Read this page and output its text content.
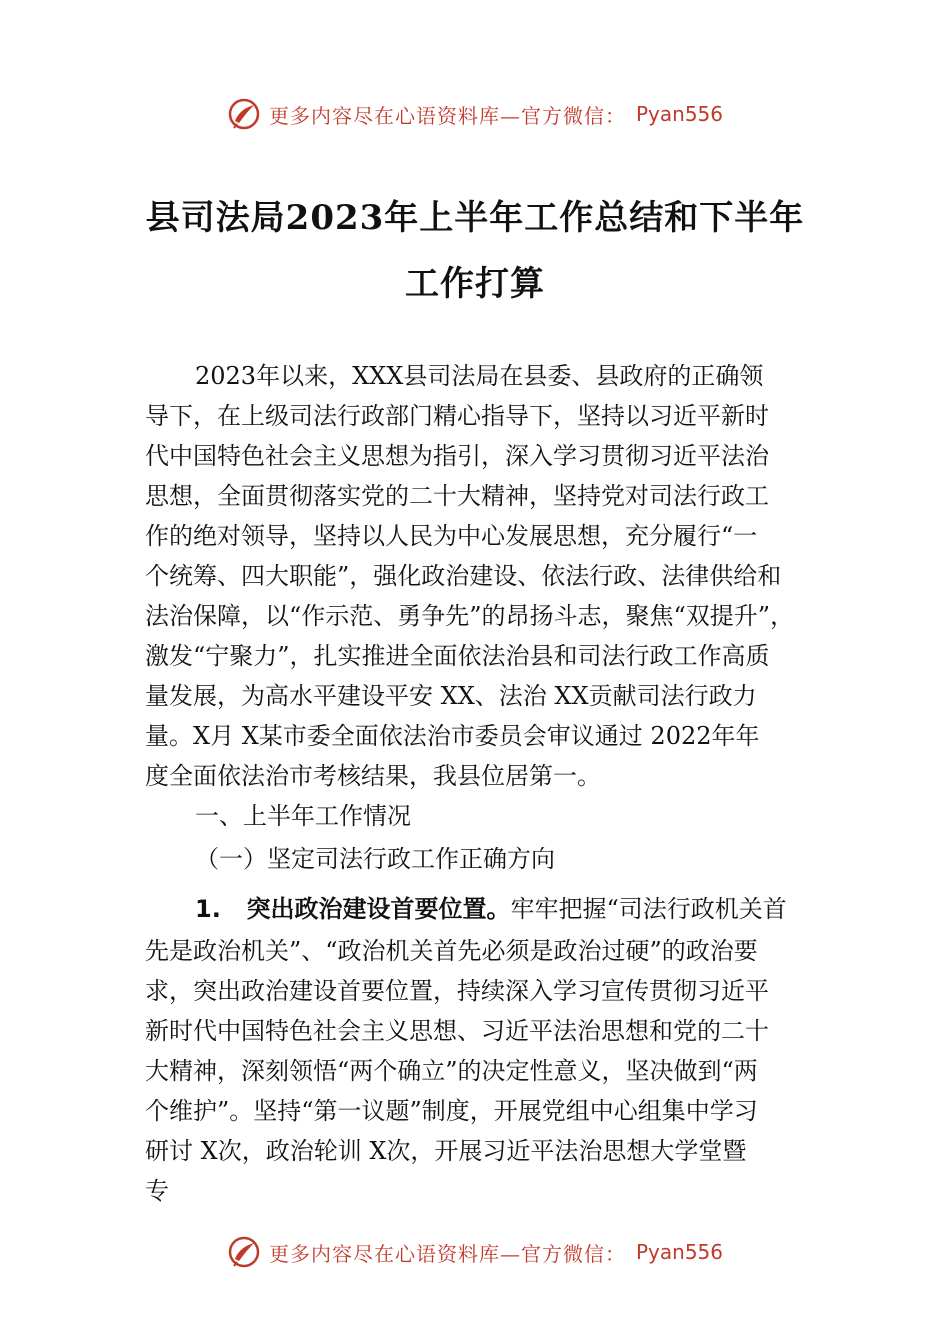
更多内容尽在心语资料库—官方微信： Pyan556
县司法局2023年上半年工作总结和下半年
工作打算
2023年以来，XXX县司法局在县委、县政府的正确领
导下，在上级司法行政部门精心指导下，坚持以习近平新时
代中国特色社会主义思想为指引，深入学习贯彻习近平法治
思想，全面贯彻落实党的二十大精神，坚持党对司法行政工
作的绝对领导，坚持以人民为中心发展思想，充分履行“一
个统筹、四大职能”，强化政治建设、依法行政、法律供给和
法治保障，以“作示范、勇争先”的昂扬斗志，聚焦“双提升”，
激发“宁聚力”，扎实推进全面依法治县和司法行政工作高质
量发展，为高水平建设平安 XX、法治 XX贡献司法行政力
量。X月 X某市委全面依法治市委员会审议通过 2022年年
度全面依法治市考核结果，我县位居第一。
一、上半年工作情况
（一）坚定司法行政工作正确方向
1. 突出政治建设首要位置。牢牢把握“司法行政机关首
先是政治机关”、“政治机关首先必须是政治过硬”的政治要
求，突出政治建设首要位置，持续深入学习宣传贯彻习近平
新时代中国特色社会主义思想、习近平法治思想和党的二十
大精神，深刻领悟“两个确立”的决定性意义，坚决做到“两
个维护”。坚持“第一议题”制度，开展党组中心组集中学习
研讨 X次，政治轮训 X次，开展习近平法治思想大学堂暨
专
更多内容尽在心语资料库—官方微信： Pyan556
